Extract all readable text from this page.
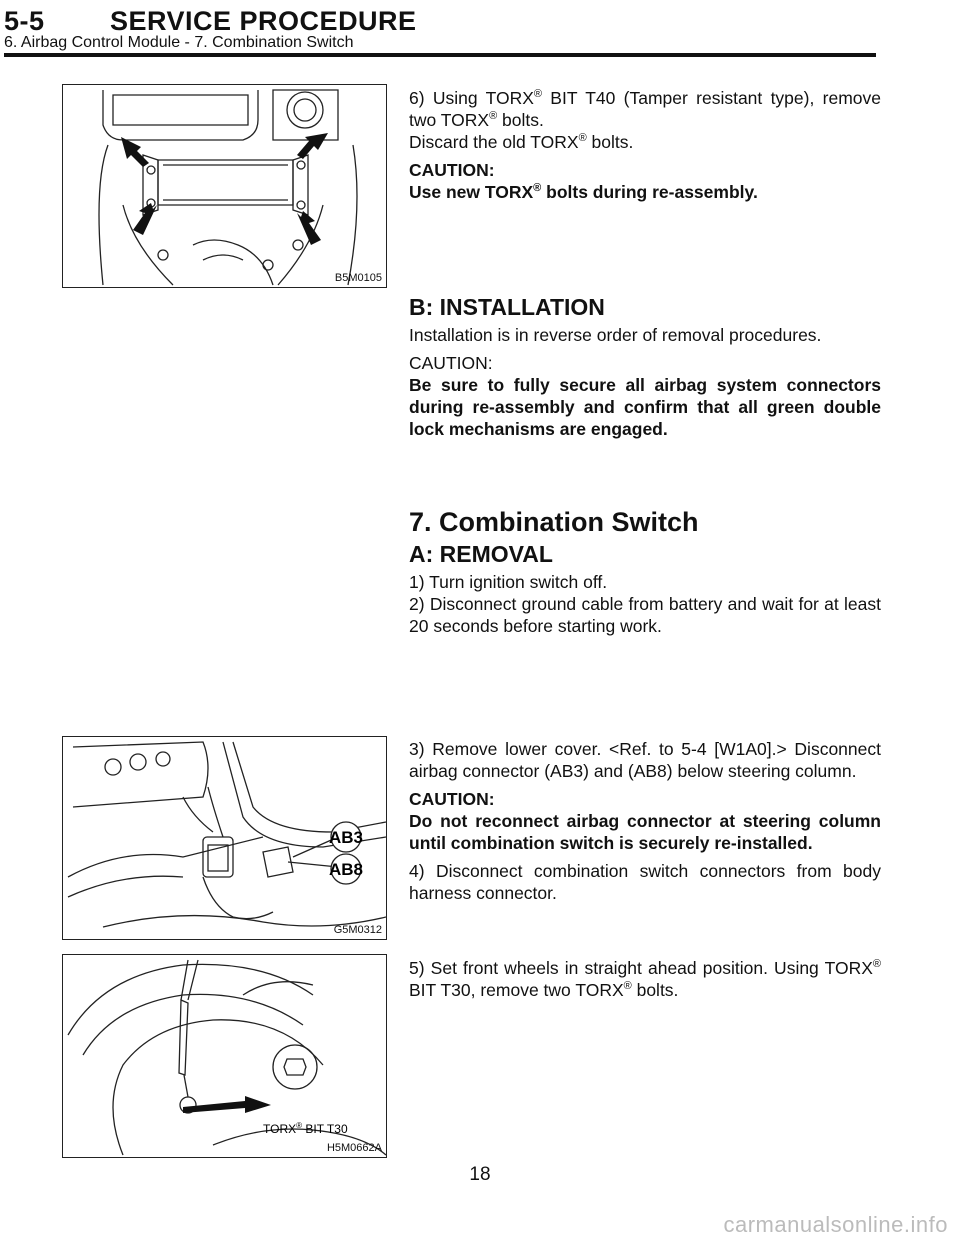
5-5 SERVICE PROCEDURE
6. Airbag Control Module - 7. Combination Switch
B5M0105
AB3
AB8
G5M0312
TORX® BIT T30
H5M0662A

6) Using TORX® BIT T40 (Tamper resistant type), remove two TORX® bolts.
Discard the old TORX® bolts.

CAUTION:
Use new TORX® bolts during re-assembly.

B: INSTALLATION

Installation is in reverse order of removal procedures.

CAUTION:
Be sure to fully secure all airbag system connectors during re-assembly and confirm that all green double lock mechanisms are engaged.

7. Combination Switch
A: REMOVAL

1) Turn ignition switch off.

2) Disconnect ground cable from battery and wait for at least 20 seconds before starting work.

3) Remove lower cover. <Ref. to 5-4 [W1A0].> Disconnect airbag connector (AB3) and (AB8) below steering column.

CAUTION:
Do not reconnect airbag connector at steering column until combination switch is securely re-installed.

4) Disconnect combination switch connectors from body harness connector.

5) Set front wheels in straight ahead position. Using TORX® BIT T30, remove two TORX® bolts.

18
carmanualsonline.info
